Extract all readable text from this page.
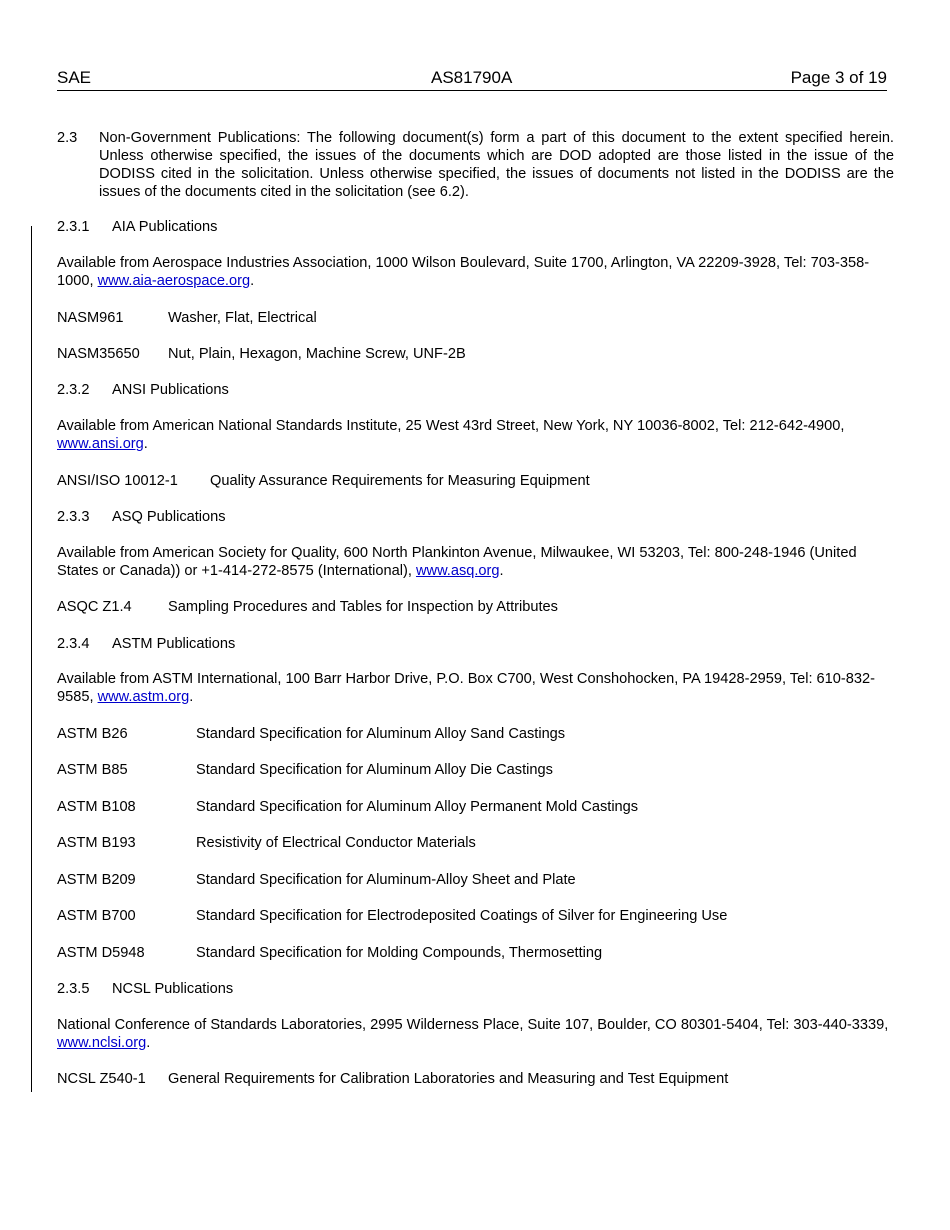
SAE	AS81790A	Page 3 of 19
2.3 Non-Government Publications: The following document(s) form a part of this document to the extent specified herein. Unless otherwise specified, the issues of the documents which are DOD adopted are those listed in the issue of the DODISS cited in the solicitation. Unless otherwise specified, the issues of documents not listed in the DODISS are the issues of the documents cited in the solicitation (see 6.2).
2.3.1 AIA Publications
Available from Aerospace Industries Association, 1000 Wilson Boulevard, Suite 1700, Arlington, VA 22209-3928, Tel: 703-358-1000, www.aia-aerospace.org.
NASM961	Washer, Flat, Electrical
NASM35650 Nut, Plain, Hexagon, Machine Screw, UNF-2B
2.3.2 ANSI Publications
Available from American National Standards Institute, 25 West 43rd Street, New York, NY 10036-8002, Tel: 212-642-4900, www.ansi.org.
ANSI/ISO 10012-1 Quality Assurance Requirements for Measuring Equipment
2.3.3 ASQ Publications
Available from American Society for Quality, 600 North Plankinton Avenue, Milwaukee, WI 53203, Tel: 800-248-1946 (United States or Canada)) or +1-414-272-8575 (International), www.asq.org.
ASQC Z1.4 Sampling Procedures and Tables for Inspection by Attributes
2.3.4 ASTM Publications
Available from ASTM International, 100 Barr Harbor Drive, P.O. Box C700, West Conshohocken, PA 19428-2959, Tel: 610-832-9585, www.astm.org.
ASTM B26	Standard Specification for Aluminum Alloy Sand Castings
ASTM B85	Standard Specification for Aluminum Alloy Die Castings
ASTM B108	Standard Specification for Aluminum Alloy Permanent Mold Castings
ASTM B193	Resistivity of Electrical Conductor Materials
ASTM B209	Standard Specification for Aluminum-Alloy Sheet and Plate
ASTM B700	Standard Specification for Electrodeposited Coatings of Silver for Engineering Use
ASTM D5948	Standard Specification for Molding Compounds, Thermosetting
2.3.5 NCSL Publications
National Conference of Standards Laboratories, 2995 Wilderness Place, Suite 107, Boulder, CO 80301-5404, Tel: 303-440-3339, www.nclsi.org.
NCSL Z540-1 General Requirements for Calibration Laboratories and Measuring and Test Equipment
